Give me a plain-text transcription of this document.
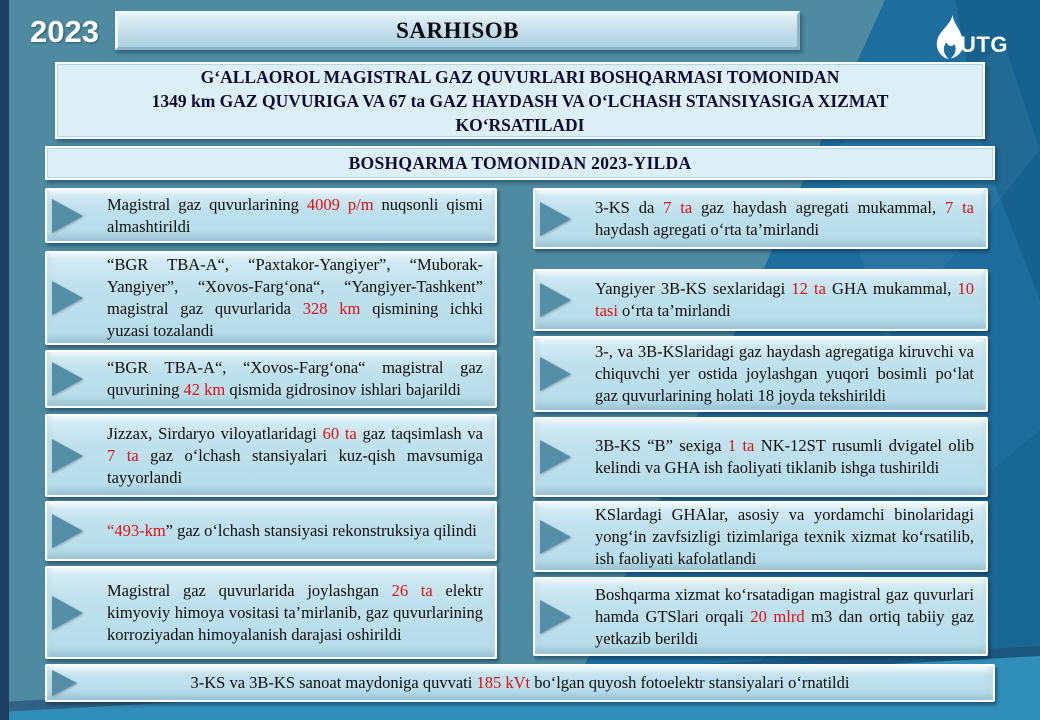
2023	SARHISOB
UTG
G‘ALLAOROL MAGISTRAL GAZ QUVURLARI BOSHQARMASI TOMONIDAN
1349 km GAZ QUVURIGA VA 67 ta GAZ HAYDASH VA O‘LCHASH STANSIYASIGA XIZMAT
KO‘RSATILADI
BOSHQARMA TOMONIDAN 2023-YILDA
Magistral gaz quvurlarining 4009 p/m nuqsonli qismi almashtirildi
“BGR TBA-A“, “Paxtakor-Yangiyer”, “Muborak-Yangiyer”, “Xovos-Farg‘ona“, “Yangiyer-Tashkent” magistral gaz quvurlarida 328 km qismining ichki yuzasi tozalandi
“BGR TBA-A“, “Xovos-Farg‘ona“ magistral gaz quvurining 42 km qismida gidrosinov ishlari bajarildi
Jizzax, Sirdaryo viloyatlaridagi 60 ta gaz taqsimlash va 7 ta gaz o‘lchash stansiyalari kuz-qish mavsumiga tayyorlandi
“493-km” gaz o‘lchash stansiyasi rekonstruksiya qilindi
Magistral gaz quvurlarida joylashgan 26 ta elektr kimyoviy himoya vositasi ta’mirlanib, gaz quvurlarining korroziyadan himoyalanish darajasi oshirildi
3-KS da 7 ta gaz haydash agregati mukammal, 7 ta haydash agregati o‘rta ta’mirlandi
Yangiyer 3B-KS sexlaridagi 12 ta GHA mukammal, 10 tasi o‘rta ta’mirlandi
3-, va 3B-KSlaridagi gaz haydash agregatiga kiruvchi va chiquvchi yer ostida joylashgan yuqori bosimli po‘lat gaz quvurlarining holati 18 joyda tekshirildi
3B-KS “B” sexiga 1 ta NK-12ST rusumli dvigatel olib kelindi va GHA ish faoliyati tiklanib ishga tushirildi
KSlardagi GHAlar, asosiy va yordamchi binolaridagi yong‘in zavfsizligi tizimlariga texnik xizmat ko‘rsatilib, ish faoliyati kafolatlandi
Boshqarma xizmat ko‘rsatadigan magistral gaz quvurlari hamda GTSlari orqali 20 mlrd m3 dan ortiq tabiiy gaz yetkazib berildi
3-KS va 3B-KS sanoat maydoniga quvvati 185 kVt bo‘lgan quyosh fotoelektr stansiyalari o‘rnatildi
